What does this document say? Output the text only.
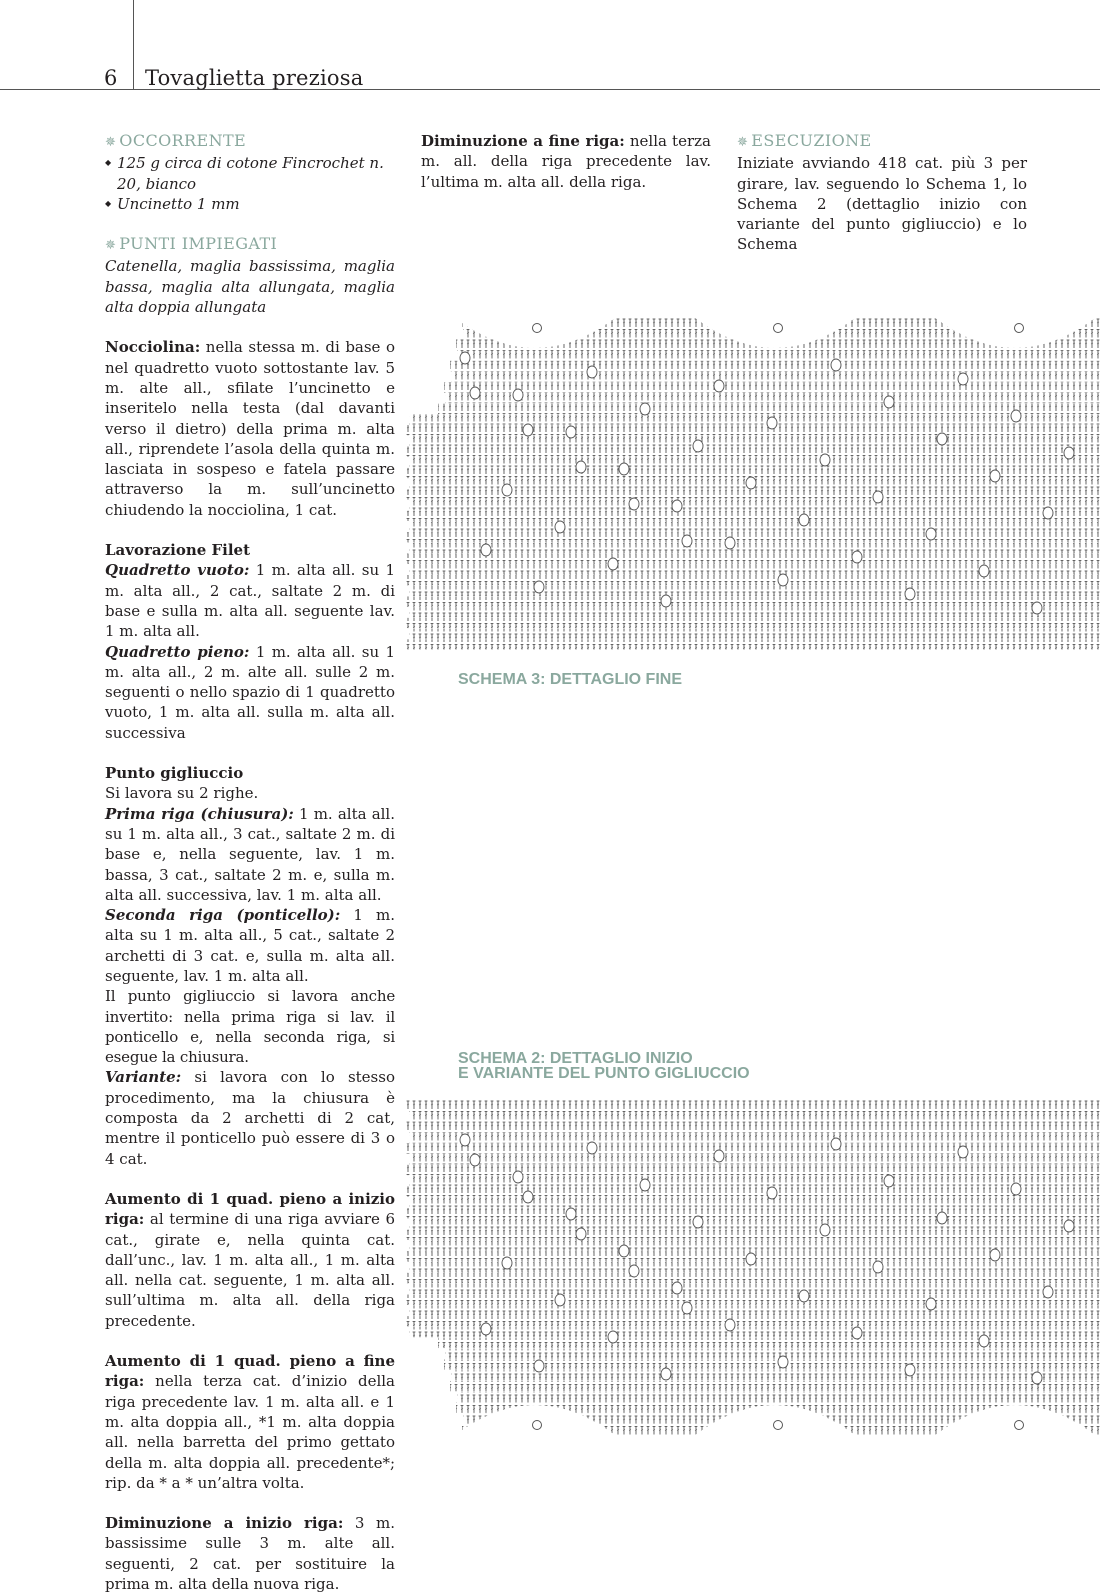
6 Tovaglietta preziosa
✵ OCCORRENTE
◆ 125 g circa di cotone Fincrochet n. 20, bianco
◆ Uncinetto 1 mm
✵ PUNTI IMPIEGATI

Catenella, maglia bassissima, maglia bassa, maglia alta allungata, maglia alta doppia allungata

Nocciolina: nella stessa m. di base o nel quadretto vuoto sottostante lav. 5 m. alte all., sfilate l’uncinetto e inseritelo nella testa (dal davanti verso il dietro) della prima m. alta all., riprendete l’asola della quinta m. lasciata in sospeso e fatela passare attraverso la m. sull’uncinetto chiudendo la nocciolina, 1 cat.

Lavorazione Filet

Quadretto vuoto: 1 m. alta all. su 1 m. alta all., 2 cat., saltate 2 m. di base e sulla m. alta all. seguente lav. 1 m. alta all.

Quadretto pieno: 1 m. alta all. su 1 m. alta all., 2 m. alte all. sulle 2 m. seguenti o nello spazio di 1 quadretto vuoto, 1 m. alta all. sulla m. alta all. successiva

Punto gigliuccio

Si lavora su 2 righe.

Prima riga (chiusura): 1 m. alta all. su 1 m. alta all., 3 cat., saltate 2 m. di base e, nella seguente, lav. 1 m. bassa, 3 cat., saltate 2 m. e, sulla m. alta all. successiva, lav. 1 m. alta all.

Seconda riga (ponticello): 1 m. alta su 1 m. alta all., 5 cat., saltate 2 archetti di 3 cat. e, sulla m. alta all. seguente, lav. 1 m. alta all.

Il punto gigliuccio si lavora anche invertito: nella prima riga si lav. il ponticello e, nella seconda riga, si esegue la chiusura.

Variante: si lavora con lo stesso procedimento, ma la chiusura è composta da 2 archetti di 2 cat, mentre il ponticello può essere di 3 o 4 cat.

Aumento di 1 quad. pieno a inizio riga: al termine di una riga avviare 6 cat., girate e, nella quinta cat. dall’unc., lav. 1 m. alta all., 1 m. alta all. nella cat. seguente, 1 m. alta all. sull’ultima m. alta all. della riga precedente.

Aumento di 1 quad. pieno a fine riga: nella terza cat. d’inizio della riga precedente lav. 1 m. alta all. e 1 m. alta doppia all., *1 m. alta doppia all. nella barretta del primo gettato della m. alta doppia all. precedente*; rip. da * a * un’altra volta.

Diminuzione a inizio riga: 3 m. bassissime sulle 3 m. alte all. seguenti, 2 cat. per sostituire la prima m. alta della nuova riga.

Diminuzione a fine riga: nella terza m. all. della riga precedente lav. l’ultima m. alta all. della riga.

✵ ESECUZIONE

Iniziate avviando 418 cat. più 3 per girare, lav. seguendo lo Schema 1, lo Schema 2 (dettaglio inizio con variante del punto gigliuccio) e lo Schema

SCHEMA 3: DETTAGLIO FINE
SCHEMA 2: DETTAGLIO INIZIO
E VARIANTE DEL PUNTO GIGLIUCCIO
